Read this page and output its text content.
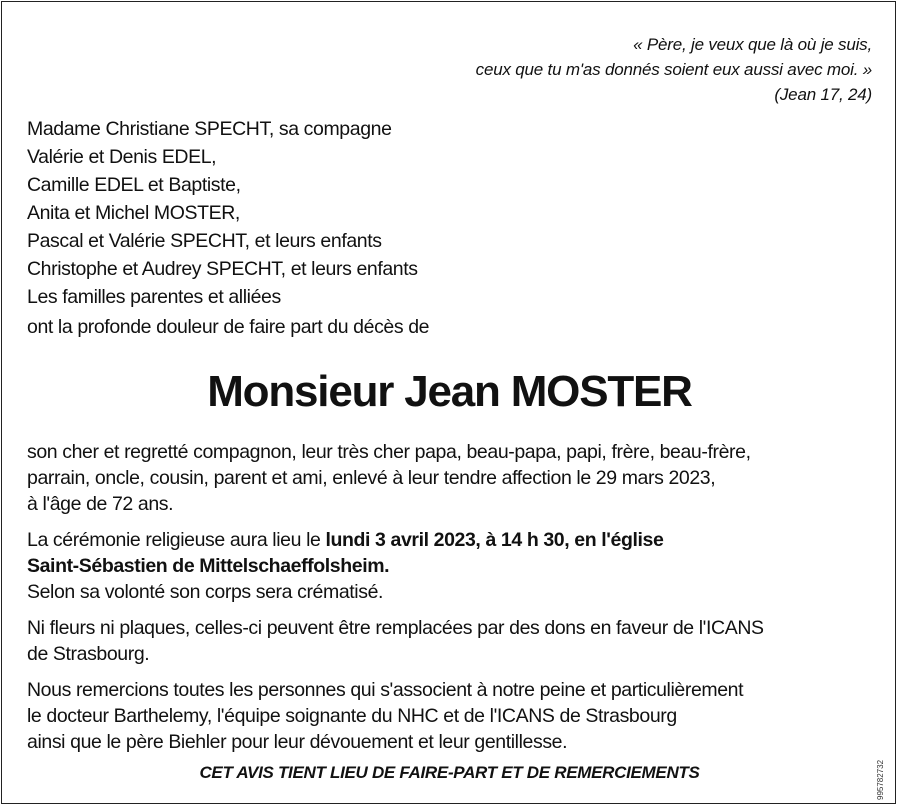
« Père, je veux que là où je suis,
ceux que tu m'as donnés soient eux aussi avec moi. »
(Jean 17, 24)
Madame Christiane SPECHT, sa compagne
Valérie et Denis EDEL,
Camille EDEL et Baptiste,
Anita et Michel MOSTER,
Pascal et Valérie SPECHT, et leurs enfants
Christophe et Audrey SPECHT, et leurs enfants
Les familles parentes et alliées
ont la profonde douleur de faire part du décès de
Monsieur Jean MOSTER
son cher et regretté compagnon, leur très cher papa, beau-papa, papi, frère, beau-frère,
parrain, oncle, cousin, parent et ami, enlevé à leur tendre affection le 29 mars 2023,
à l'âge de 72 ans.
La cérémonie religieuse aura lieu le lundi 3 avril 2023, à 14 h 30, en l'église
Saint-Sébastien de Mittelschaeffolsheim.
Selon sa volonté son corps sera crématisé.
Ni fleurs ni plaques, celles-ci peuvent être remplacées par des dons en faveur de l'ICANS
de Strasbourg.
Nous remercions toutes les personnes qui s'associent à notre peine et particulièrement
le docteur Barthelemy, l'équipe soignante du NHC et de l'ICANS de Strasbourg
ainsi que le père Biehler pour leur dévouement et leur gentillesse.
CET AVIS TIENT LIEU DE FAIRE-PART ET DE REMERCIEMENTS	995782732
